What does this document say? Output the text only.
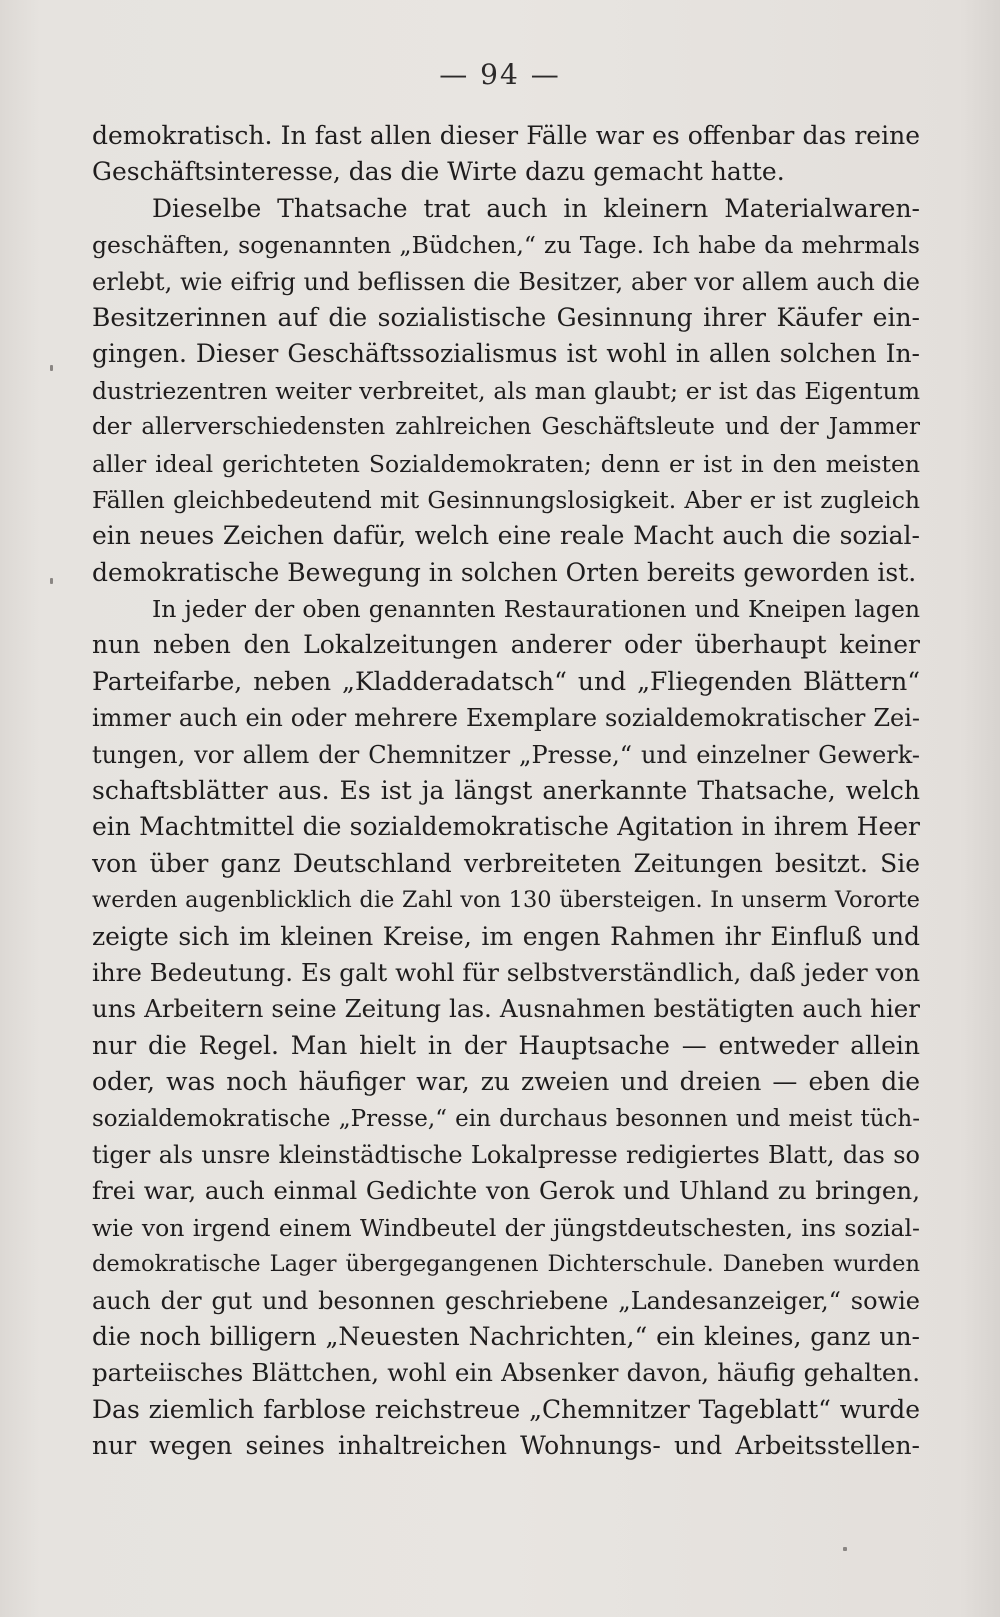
— 94 —
demokratisch. In fast allen dieser Fälle war es offenbar das reine
Geschäftsinteresse, das die Wirte dazu gemacht hatte.
Dieselbe Thatsache trat auch in kleinern Materialwaren-
geschäften, sogenannten „Büdchen,“ zu Tage. Ich habe da mehrmals
erlebt, wie eifrig und beflissen die Besitzer, aber vor allem auch die
Besitzerinnen auf die sozialistische Gesinnung ihrer Käufer ein-
gingen. Dieser Geschäftssozialismus ist wohl in allen solchen In-
dustriezentren weiter verbreitet, als man glaubt; er ist das Eigentum
der allerverschiedensten zahlreichen Geschäftsleute und der Jammer
aller ideal gerichteten Sozialdemokraten; denn er ist in den meisten
Fällen gleichbedeutend mit Gesinnungslosigkeit. Aber er ist zugleich
ein neues Zeichen dafür, welch eine reale Macht auch die sozial-
demokratische Bewegung in solchen Orten bereits geworden ist.
In jeder der oben genannten Restaurationen und Kneipen lagen
nun neben den Lokalzeitungen anderer oder überhaupt keiner
Parteifarbe, neben „Kladderadatsch“ und „Fliegenden Blättern“
immer auch ein oder mehrere Exemplare sozialdemokratischer Zei-
tungen, vor allem der Chemnitzer „Presse,“ und einzelner Gewerk-
schaftsblätter aus. Es ist ja längst anerkannte Thatsache, welch
ein Machtmittel die sozialdemokratische Agitation in ihrem Heer
von über ganz Deutschland verbreiteten Zeitungen besitzt. Sie
werden augenblicklich die Zahl von 130 übersteigen. In unserm Vororte
zeigte sich im kleinen Kreise, im engen Rahmen ihr Einfluß und
ihre Bedeutung. Es galt wohl für selbstverständlich, daß jeder von
uns Arbeitern seine Zeitung las. Ausnahmen bestätigten auch hier
nur die Regel. Man hielt in der Hauptsache — entweder allein
oder, was noch häufiger war, zu zweien und dreien — eben die
sozialdemokratische „Presse,“ ein durchaus besonnen und meist tüch-
tiger als unsre kleinstädtische Lokalpresse redigiertes Blatt, das so
frei war, auch einmal Gedichte von Gerok und Uhland zu bringen,
wie von irgend einem Windbeutel der jüngstdeutschesten, ins sozial-
demokratische Lager übergegangenen Dichterschule. Daneben wurden
auch der gut und besonnen geschriebene „Landesanzeiger,“ sowie
die noch billigern „Neuesten Nachrichten,“ ein kleines, ganz un-
parteiisches Blättchen, wohl ein Absenker davon, häufig gehalten.
Das ziemlich farblose reichstreue „Chemnitzer Tageblatt“ wurde
nur wegen seines inhaltreichen Wohnungs- und Arbeitsstellen-
